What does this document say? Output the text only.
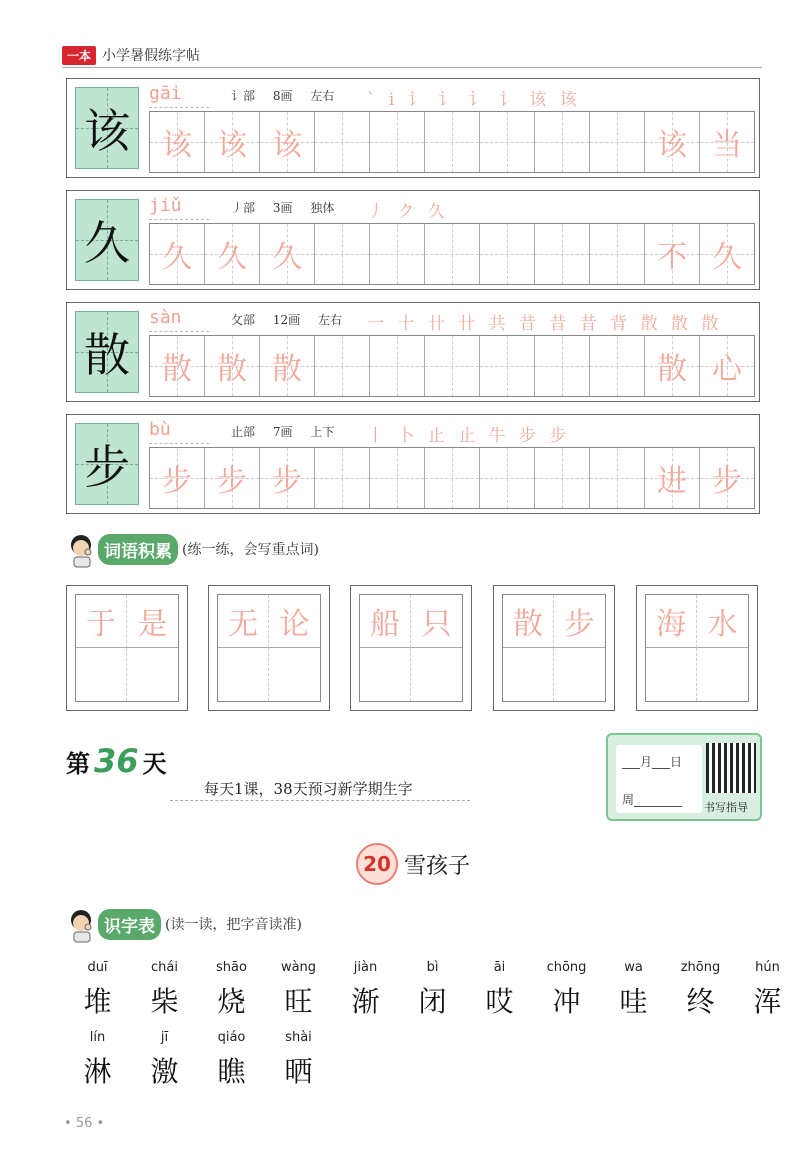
一本 小学暑假练字帖
该
gāi	讠部 8画 左右	` i 讠 讠 讠 讠 该 该
该 该 该	该 当
久
jiǔ	丿部 3画 独体	丿 ク 久
久 久 久	不 久
散
sàn	攵部 12画 左右	一 十 卄 卄 共 昔 昔 昔 背 散 散 散
散 散 散	散 心
步
bù	止部 7画 上下	丨 卜 止 止 牛 步 步
步 步 步	进 步
词语积累 (练一练，会写重点词)
于 是	无 论	船 只	散 步	海 水
第 36 天
每天1课，38天预习新学期生字
___月___日
周________
书写指导
20 雪孩子
识字表 (读一读，把字音读准)
duī
堆
chái
柴
shāo
烧
wàng
旺
jiàn
渐
bì
闭
āi
哎
chōng
冲
wa
哇
zhōng
终
hún
浑
lín
淋
jī
激
qiáo
瞧
shài
晒
• 56 •
